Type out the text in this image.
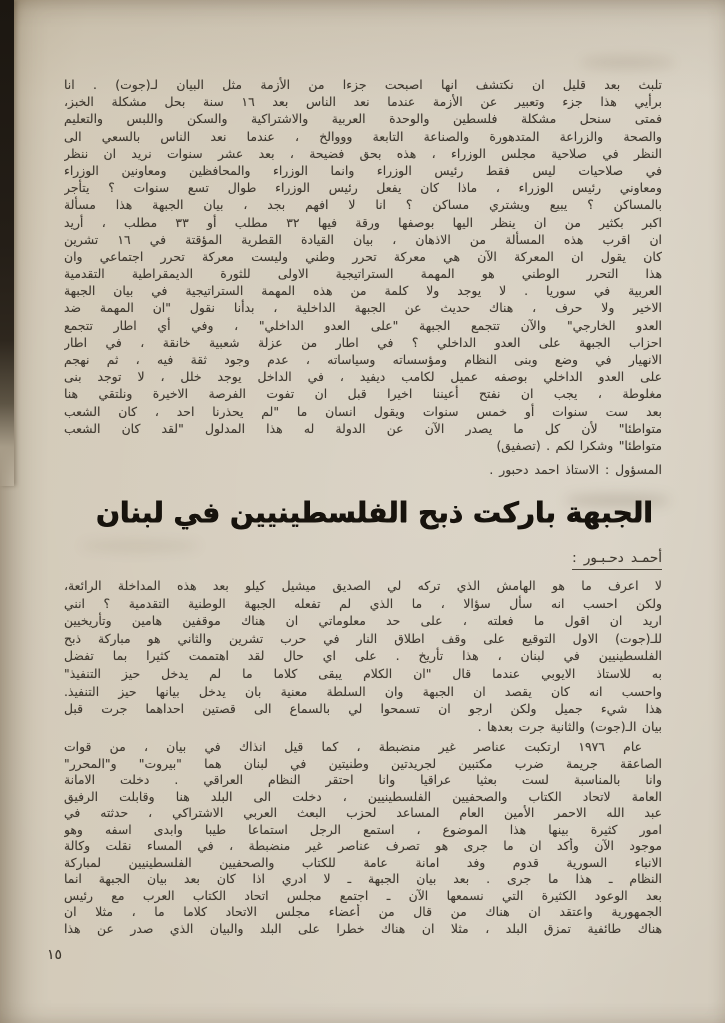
تلبث بعد قليل ان نكتشف انها اصبحت جزءا من الأزمة مثل البيان لـ(جوت) . انا
برأيي هذا جزء وتعبير عن الأزمة عندما نعد الناس بعد ١٦ سنة بحل مشكلة الخبز،
فمتى سنحل مشكلة فلسطين والوحدة العربية والاشتراكية والسكن واللبس والتعليم
والصحة والزراعة المتدهورة والصناعة التابعة وووالخ ، عندما نعد الناس بالسعي الى
النظر في صلاحية مجلس الوزراء ، هذه بحق فضيحة ، بعد عشر سنوات نريد ان ننظر
في صلاحيات ليس فقط رئيس الوزراء وانما الوزراء والمحافظين ومعاونين الوزراء
ومعاوني رئيس الوزراء ، ماذا كان يفعل رئيس الوزراء طوال تسع سنوات ؟ يتأجر
بالمساكن ؟ يبيع ويشتري مساكن ؟ انا لا افهم بجد ، بيان الجبهة هذا مسألة
اكبر بكثير من ان ينظر اليها بوصفها ورقة فيها ٣٢ مطلب أو ٣٣ مطلب ، أريد
ان اقرب هذه المسألة من الاذهان ، بيان القيادة القطرية المؤقتة في ١٦ تشرين
كان يقول ان المعركة الآن هي معركة تحرر وطني وليست معركة تحرر اجتماعي وان
هذا التحرر الوطني هو المهمة الستراتيجية الاولى للثورة الديمقراطية التقدمية
العربية في سوريا . لا يوجد ولا كلمة من هذه المهمة الستراتيجية في بيان الجبهة
الاخير ولا حرف ، هناك حديث عن الجبهة الداخلية ، بدأنا نقول "ان المهمة ضد
العدو الخارجي" والآن تتجمع الجبهة "على العدو الداخلي" ، وفي أي اطار تتجمع
احزاب الجبهة على العدو الداخلي ؟ في اطار من عزلة شعبية خانقة ، في اطار
الانهيار في وضع وبنى النظام ومؤسساته وسياساته ، عدم وجود ثقة فيه ، ثم نهجم
على العدو الداخلي بوصفه عميل لكامب ديفيد ، في الداخل يوجد خلل ، لا توجد بنى
مغلوطة ، يجب ان نفتح أعيننا اخيرا قبل ان تفوت الفرصة الاخيرة ونلتقي هنا
بعد ست سنوات أو خمس سنوات ويقول انسان ما "لم يحذرنا احد ، كان الشعب
متواطئا" لأن كل ما يصدر الآن عن الدولة له هذا المدلول "لقد كان الشعب
متواطئا" وشكرا لكم . (تصفيق)
المسؤول : الاستاذ احمد دحبور .
الجبهة باركت ذبح الفلسطينيين في لبنان
أحمـد دحـبـور :
لا اعرف ما هو الهامش الذي تركه لي الصديق ميشيل كيلو بعد هذه المداخلة الرائعة،
ولكن احسب انه سأل سؤالا ، ما الذي لم تفعله الجبهة الوطنية التقدمية ؟ انني
اريد ان اقول ما فعلته ، على حد معلوماتي ان هناك موقفين هامين وتأريخيين
للـ(جوت) الاول التوقيع على وقف اطلاق النار في حرب تشرين والثاني هو مباركة ذبح
الفلسطينيين في لبنان ، هذا تأريخ . على اي حال لقد اهتممت كثيرا بما تفضل
به للاستاذ الايوبي عندما قال "ان الكلام يبقى كلاما ما لم يدخل حيز التنفيذ"
واحسب انه كان يقصد ان الجبهة وان السلطة معنية بان يدخل بيانها حيز التنفيذ.
هذا شيء جميل ولكن ارجو ان تسمحوا لي بالسماع الى قصتين احداهما جرت قبل
بيان الـ(جوت) والثانية جرت بعدها .
عام ١٩٧٦ ارتكبت عناصر غير منضبطة ، كما قيل انذاك في بيان ، من قوات
الصاعقة جريمة ضرب مكتبين لجريدتين وطنيتين في لبنان هما "بيروت" و"المحرر"
وانا بالمناسبة لست بعثيا عراقيا وانا احتقر النظام العراقي . دخلت الامانة
العامة لاتحاد الكتاب والصحفيين الفلسطينيين ، دخلت الى البلد هنا وقابلت الرفيق
عبد الله الاحمر الأمين العام المساعد لحزب البعث العربي الاشتراكي ، حدثته في
امور كثيرة بينها هذا الموضوع ، استمع الرجل استماعا طيبا وابدى اسفه وهو
موجود الآن وأكد ان ما جرى هو تصرف عناصر غير منضبطة ، في المساء نقلت وكالة
الانباء السورية قدوم وفد امانة عامة للكتاب والصحفيين الفلسطينيين لمباركة
النظام ـ هذا ما جرى . بعد بيان الجبهة ـ لا ادري اذا كان بعد بيان الجبهة انما
بعد الوعود الكثيرة التي نسمعها الآن ـ اجتمع مجلس اتحاد الكتاب العرب مع رئيس
الجمهورية واعتقد ان هناك من قال من أعضاء مجلس الاتحاد كلاما ما ، مثلا ان
هناك طائفية تمزق البلد ، مثلا ان هناك خطرا على البلد والبيان الذي صدر عن هذا
١٥
